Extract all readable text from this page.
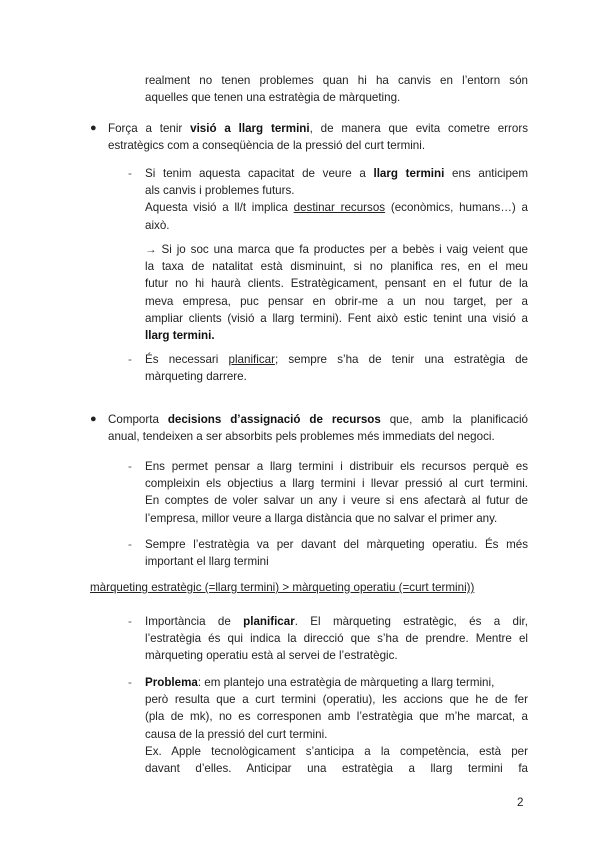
realment no tenen problemes quan hi ha canvis en l’entorn són
aquelles que tenen una estratègia de màrqueting.
● Força a tenir visió a llarg termini, de manera que evita cometre errors
estratègics com a conseqüència de la pressió del curt termini.
- Si tenim aquesta capacitat de veure a llarg termini ens anticipem
als canvis i problemes futurs.
Aquesta visió a ll/t implica destinar recursos (econòmics, humans…) a
això.
→ Si jo soc una marca que fa productes per a bebès i vaig veient que
la taxa de natalitat està disminuint, si no planifica res, en el meu
futur no hi haurà clients. Estratègicament, pensant en el futur de la
meva empresa, puc pensar en obrir-me a un nou target, per a
ampliar clients (visió a llarg termini). Fent això estic tenint una visió a
llarg termini.
- És necessari planificar; sempre s’ha de tenir una estratègia de
màrqueting darrere.
● Comporta decisions d’assignació de recursos que, amb la planificació
anual, tendeixen a ser absorbits pels problemes més immediats del negoci.
- Ens permet pensar a llarg termini i distribuir els recursos perquè es
compleixin els objectius a llarg termini i llevar pressió al curt termini.
En comptes de voler salvar un any i veure si ens afectarà al futur de
l’empresa, millor veure a llarga distància que no salvar el primer any.
- Sempre l’estratègia va per davant del màrqueting operatiu. És més
important el llarg termini
màrqueting estratègic (=llarg termini) > màrqueting operatiu (=curt termini))
- Importància de planificar. El màrqueting estratègic, és a dir,
l’estratègia és qui indica la direcció que s’ha de prendre. Mentre el
màrqueting operatiu està al servei de l’estratègic.
- Problema: em plantejo una estratègia de màrqueting a llarg termini,
però resulta que a curt termini (operatiu), les accions que he de fer
(pla de mk), no es corresponen amb l’estratègia que m’he marcat, a
causa de la pressió del curt termini.
Ex. Apple tecnològicament s’anticipa a la competència, està per
davant d’elles. Anticipar una estratègia a llarg termini fa
2
